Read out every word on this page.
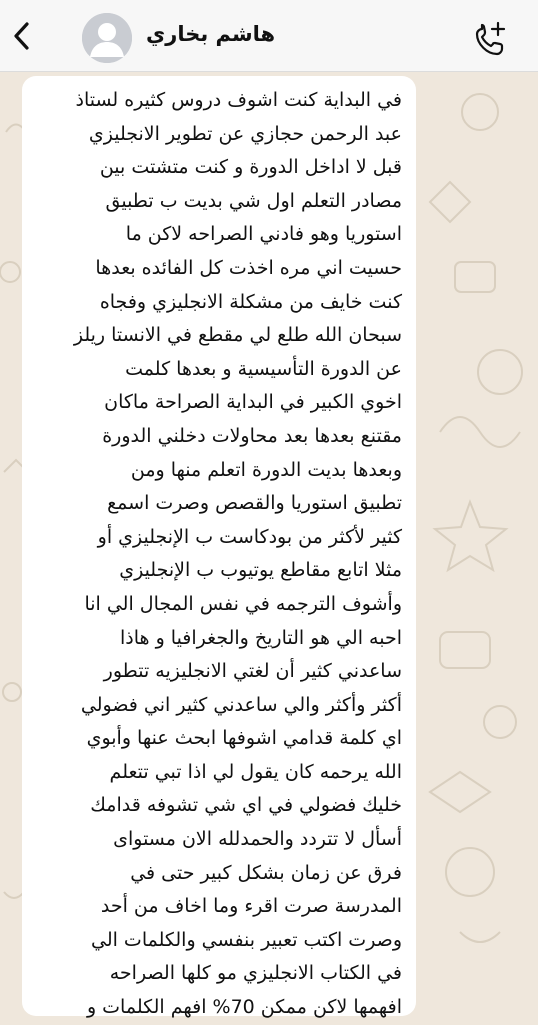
هاشم بخاري
في البداية كنت اشوف دروس كثيره لستاذ
عبد الرحمن حجازي عن تطوير الانجليزي
قبل لا اداخل الدورة و كنت متشتت بين
مصادر التعلم اول شي بديت ب تطبيق
استوريا وهو فادني الصراحه لاكن ما
حسيت اني مره اخذت كل الفائده بعدها
كنت خايف من مشكلة الانجليزي وفجاه
سبحان الله طلع لي مقطع في الانستا ريلز
عن الدورة التأسيسية و بعدها كلمت
اخوي الكبير في البداية الصراحة ماكان
مقتنع بعدها بعد محاولات دخلني الدورة
وبعدها بديت الدورة اتعلم منها ومن
تطبيق استوريا والقصص وصرت اسمع
كثير لأكثر من بودكاست ب الإنجليزي أو
مثلا اتابع مقاطع يوتيوب ب الإنجليزي
وأشوف الترجمه في نفس المجال الي انا
احبه الي هو التاريخ والجغرافيا و هاذا
ساعدني كثير أن لغتي الانجليزيه تتطور
أكثر وأكثر والي ساعدني كثير اني فضولي
اي كلمة قدامي اشوفها ابحث عنها وأبوي
الله يرحمه كان يقول لي اذا تبي تتعلم
خليك فضولي في اي شي تشوفه قدامك
أسأل لا تتردد والحمدلله الان مستواى
فرق عن زمان بشكل كبير حتى في
المدرسة صرت اقرء وما اخاف من أحد
وصرت اكتب تعبير بنفسي والكلمات الي
في الكتاب الانجليزي مو كلها الصراحه
افهمها لاكن ممكن 70% افهم الكلمات و
